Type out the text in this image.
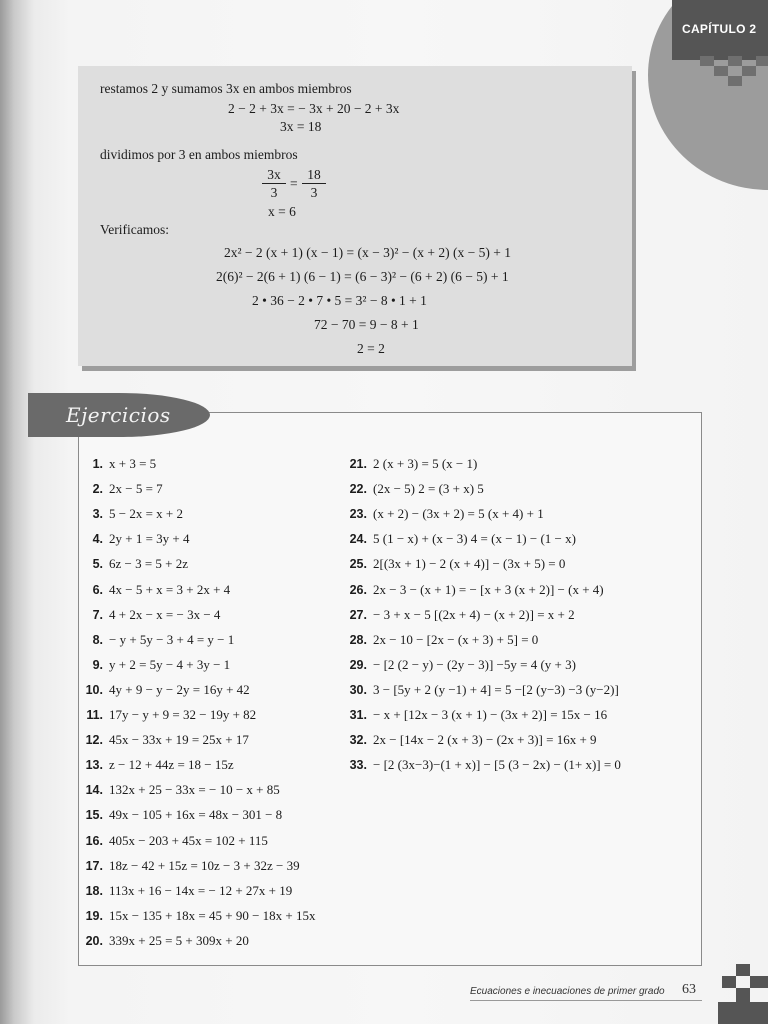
CAPÍTULO 2
restamos 2 y sumamos 3x en ambos miembros
2 − 2 + 3x = − 3x + 20 − 2 + 3x
3x = 18
dividimos por 3 en ambos miembros
$\frac{3x}{3} = \frac{18}{3}$
x = 6
Verificamos:
2x² − 2 (x + 1) (x − 1) = (x − 3)² − (x + 2) (x − 5) + 1
2(6)² − 2(6 + 1) (6 − 1) = (6 − 3)² − (6 + 2) (6 − 5) + 1
2 • 36 − 2 • 7 • 5 = 3² − 8 • 1 + 1
72 − 70 = 9 − 8 + 1
2 = 2
Ejercicios
1. x + 3 = 5
2. 2x − 5 = 7
3. 5 − 2x = x + 2
4. 2y + 1 = 3y + 4
5. 6z − 3 = 5 + 2z
6. 4x − 5 + x = 3 + 2x + 4
7. 4 + 2x − x = − 3x − 4
8. − y + 5y − 3 + 4 = y − 1
9. y + 2 = 5y − 4 + 3y − 1
10. 4y + 9 − y − 2y = 16y + 42
11. 17y − y + 9 = 32 − 19y + 82
12. 45x − 33x + 19 = 25x + 17
13. z − 12 + 44z = 18 − 15z
14. 132x + 25 − 33x = − 10 − x + 85
15. 49x − 105 + 16x = 48x − 301 − 8
16. 405x − 203 + 45x = 102 + 115
17. 18z − 42 + 15z = 10z − 3 + 32z − 39
18. 113x + 16 − 14x = − 12 + 27x + 19
19. 15x − 135 + 18x = 45 + 90 − 18x + 15x
20. 339x + 25 = 5 + 309x + 20
21. 2 (x + 3) = 5 (x − 1)
22. (2x − 5) 2 = (3 + x) 5
23. (x + 2) − (3x + 2) = 5 (x + 4) + 1
24. 5 (1 − x) + (x − 3) 4 = (x − 1) − (1 − x)
25. 2[(3x + 1) − 2 (x + 4)] − (3x + 5) = 0
26. 2x − 3 − (x + 1) = − [x + 3 (x + 2)] − (x + 4)
27. − 3 + x − 5 [(2x + 4) − (x + 2)] = x + 2
28. 2x − 10 − [2x − (x + 3) + 5] = 0
29. − [2 (2 − y) − (2y − 3)] −5y = 4 (y + 3)
30. 3 − [5y + 2 (y −1) + 4] = 5 −[2 (y−3) −3 (y−2)]
31. − x + [12x − 3 (x + 1) − (3x + 2)] = 15x − 16
32. 2x − [14x − 2 (x + 3) − (2x + 3)] = 16x + 9
33. − [2 (3x−3)−(1 + x)] − [5 (3 − 2x) − (1+ x)] = 0
Ecuaciones e inecuaciones de primer grado 63
